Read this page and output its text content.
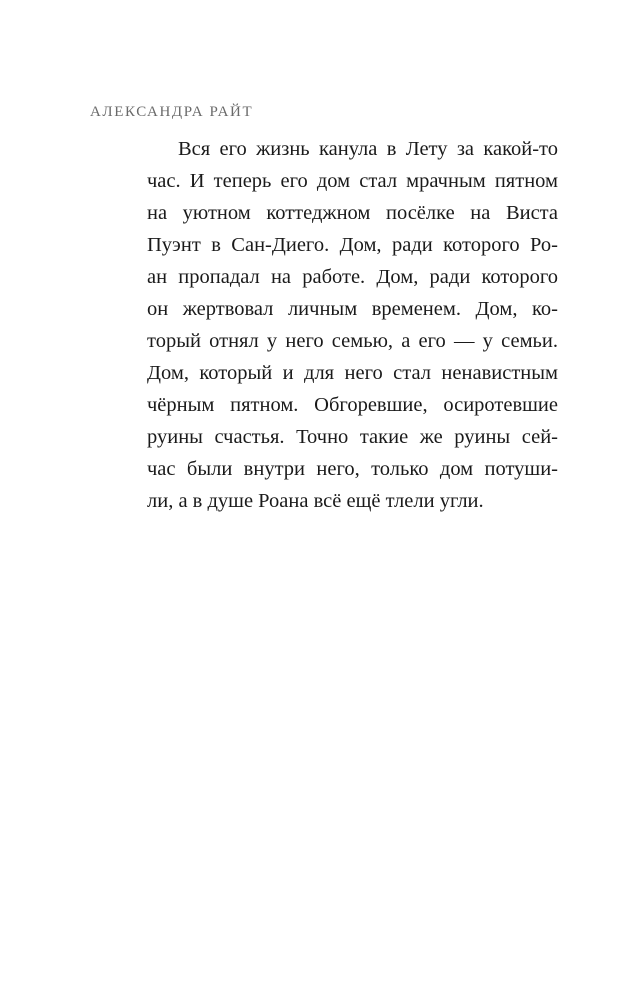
АЛЕКСАНДРА РАЙТ
Вся его жизнь канула в Лету за какой-то
час. И теперь его дом стал мрачным пятном
на уютном коттеджном посёлке на Виста
Пуэнт в Сан-Диего. Дом, ради которого Ро-
ан пропадал на работе. Дом, ради которого
он жертвовал личным временем. Дом, ко-
торый отнял у него семью, а его — у семьи.
Дом, который и для него стал ненавистным
чёрным пятном. Обгоревшие, осиротевшие
руины счастья. Точно такие же руины сей-
час были внутри него, только дом потуши-
ли, а в душе Роана всё ещё тлели угли.
